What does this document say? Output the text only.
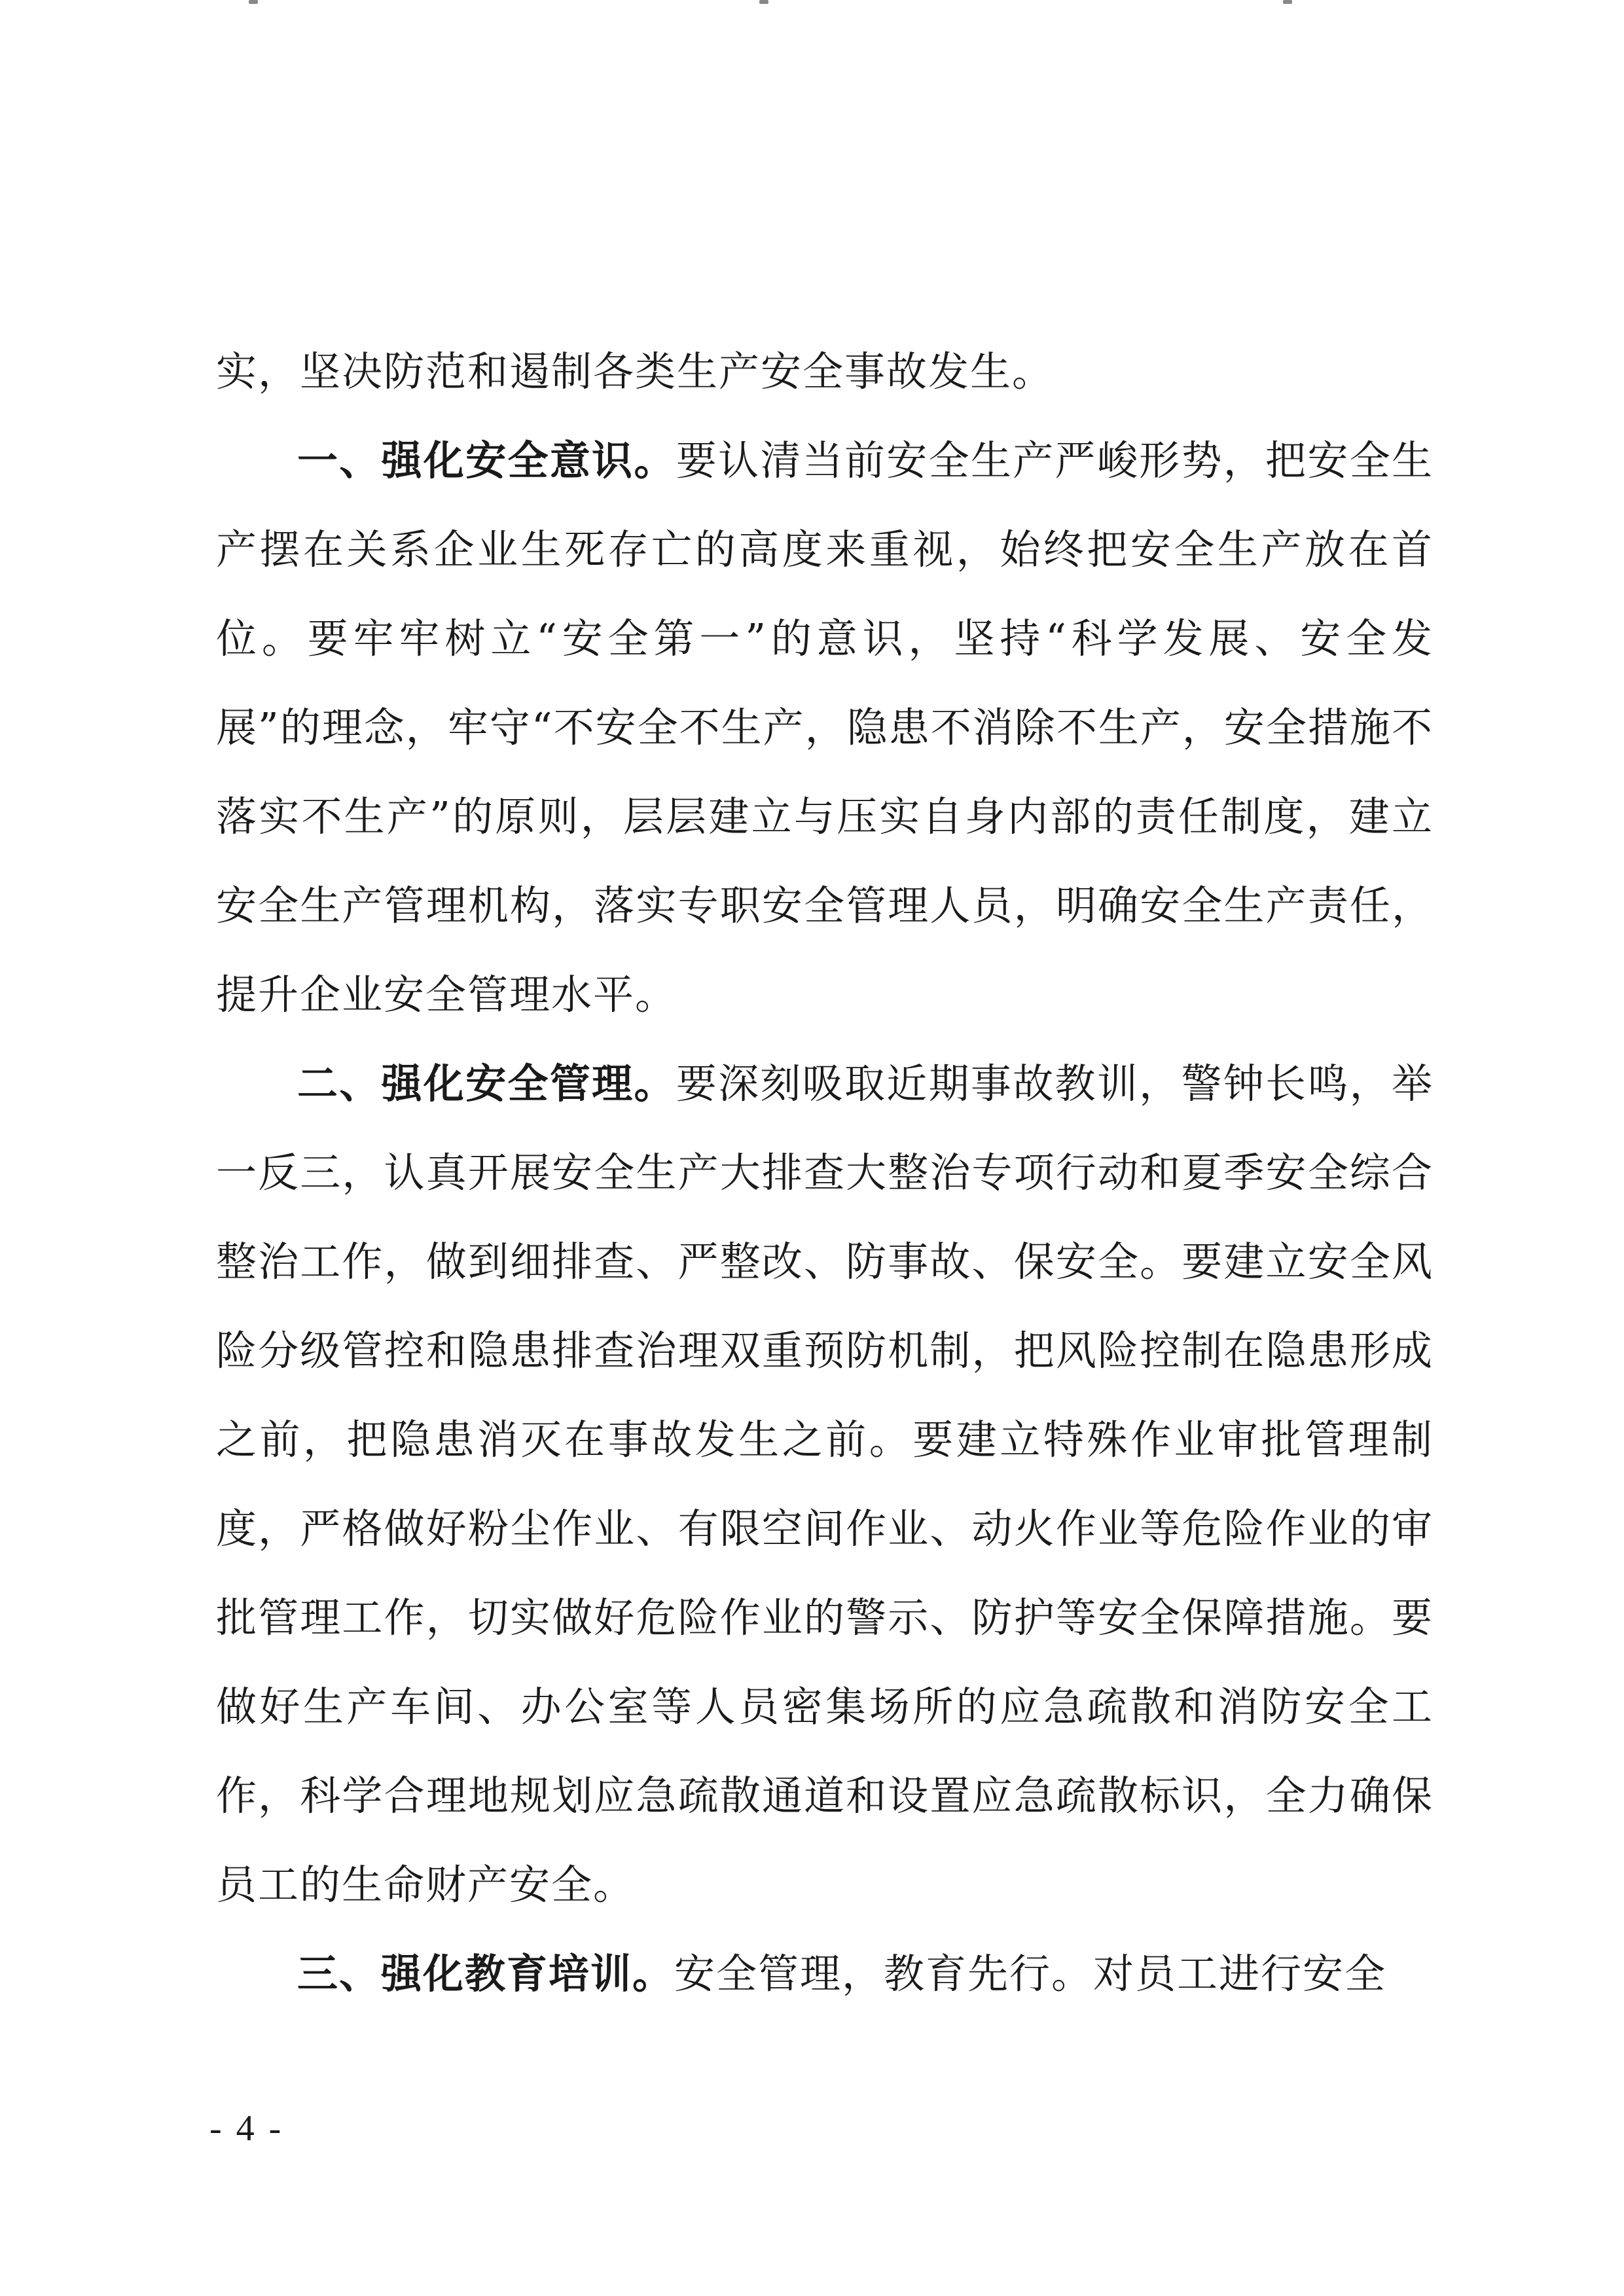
实，坚决防范和遏制各类生产安全事故发生。

一、强化安全意识。要认清当前安全生产严峻形势，把安全生产摆在关系企业生死存亡的高度来重视，始终把安全生产放在首位。要牢牢树立“安全第一”的意识，坚持“科学发展、安全发展”的理念，牢守“不安全不生产，隐患不消除不生产，安全措施不落实不生产”的原则，层层建立与压实自身内部的责任制度，建立安全生产管理机构，落实专职安全管理人员，明确安全生产责任，提升企业安全管理水平。

二、强化安全管理。要深刻吸取近期事故教训，警钟长鸣，举一反三，认真开展安全生产大排查大整治专项行动和夏季安全综合整治工作，做到细排查、严整改、防事故、保安全。要建立安全风险分级管控和隐患排查治理双重预防机制，把风险控制在隐患形成之前，把隐患消灭在事故发生之前。要建立特殊作业审批管理制度，严格做好粉尘作业、有限空间作业、动火作业等危险作业的审批管理工作，切实做好危险作业的警示、防护等安全保障措施。要做好生产车间、办公室等人员密集场所的应急疏散和消防安全工作，科学合理地规划应急疏散通道和设置应急疏散标识，全力确保员工的生命财产安全。

三、强化教育培训。安全管理，教育先行。对员工进行安全

- 4 -
